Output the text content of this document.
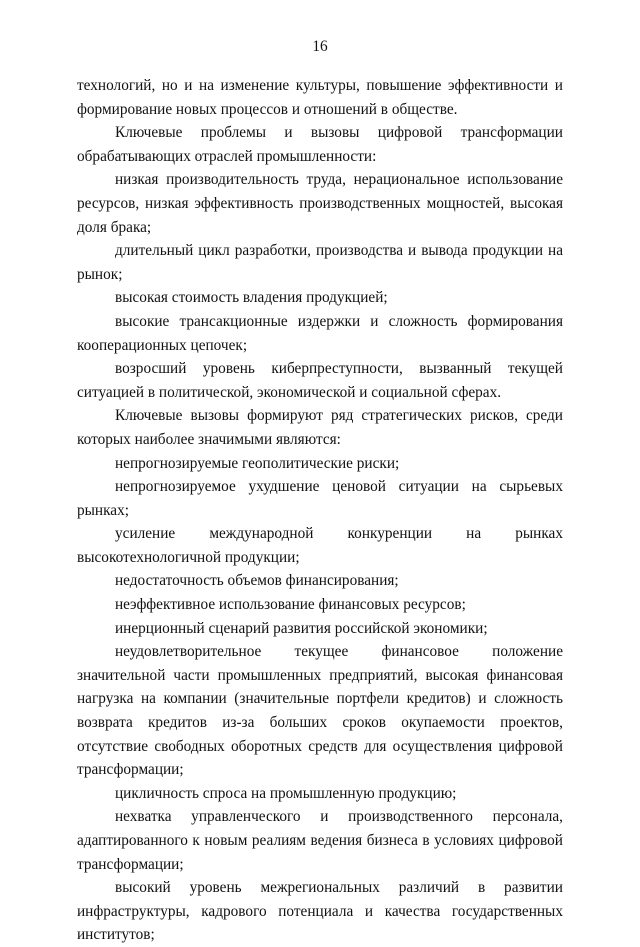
16

технологий, но и на изменение культуры, повышение эффективности и формирование новых процессов и отношений в обществе.

Ключевые проблемы и вызовы цифровой трансформации обрабатывающих отраслей промышленности:

низкая производительность труда, нерациональное использование ресурсов, низкая эффективность производственных мощностей, высокая доля брака;

длительный цикл разработки, производства и вывода продукции на рынок;

высокая стоимость владения продукцией;

высокие трансакционные издержки и сложность формирования кооперационных цепочек;

возросший уровень киберпреступности, вызванный текущей ситуацией в политической, экономической и социальной сферах.

Ключевые вызовы формируют ряд стратегических рисков, среди которых наиболее значимыми являются:

непрогнозируемые геополитические риски;

непрогнозируемое ухудшение ценовой ситуации на сырьевых рынках;

усиление международной конкуренции на рынках высокотехнологичной продукции;

недостаточность объемов финансирования;

неэффективное использование финансовых ресурсов;

инерционный сценарий развития российской экономики;

неудовлетворительное текущее финансовое положение значительной части промышленных предприятий, высокая финансовая нагрузка на компании (значительные портфели кредитов) и сложность возврата кредитов из-за больших сроков окупаемости проектов, отсутствие свободных оборотных средств для осуществления цифровой трансформации;

цикличность спроса на промышленную продукцию;

нехватка управленческого и производственного персонала, адаптированного к новым реалиям ведения бизнеса в условиях цифровой трансформации;

высокий уровень межрегиональных различий в развитии инфраструктуры, кадрового потенциала и качества государственных институтов;
